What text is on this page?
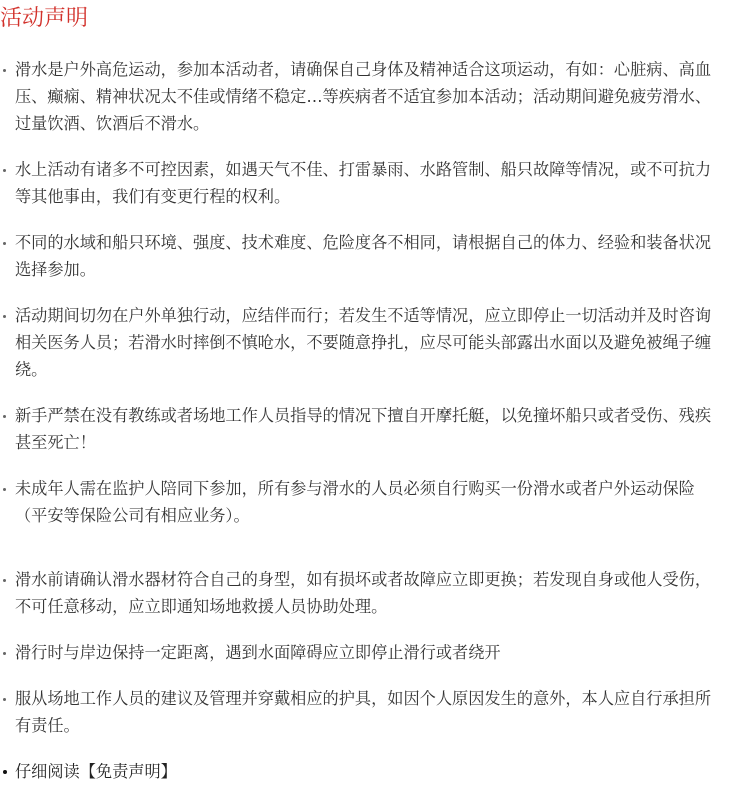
活动声明
滑水是户外高危运动，参加本活动者，请确保自己身体及精神适合这项运动，有如：心脏病、高血压、癫痫、精神状况太不佳或情绪不稳定…等疾病者不适宜参加本活动；活动期间避免疲劳滑水、过量饮酒、饮酒后不滑水。
水上活动有诸多不可控因素，如遇天气不佳、打雷暴雨、水路管制、船只故障等情况，或不可抗力等其他事由，我们有变更行程的权利。
不同的水域和船只环境、强度、技术难度、危险度各不相同，请根据自己的体力、经验和装备状况选择参加。
活动期间切勿在户外单独行动，应结伴而行；若发生不适等情况，应立即停止一切活动并及时咨询相关医务人员；若滑水时摔倒不慎呛水，不要随意挣扎，应尽可能头部露出水面以及避免被绳子缠绕。
新手严禁在没有教练或者场地工作人员指导的情况下擅自开摩托艇，以免撞坏船只或者受伤、残疾甚至死亡！
未成年人需在监护人陪同下参加，所有参与滑水的人员必须自行购买一份滑水或者户外运动保险（平安等保险公司有相应业务）。
滑水前请确认滑水器材符合自己的身型，如有损坏或者故障应立即更换；若发现自身或他人受伤，不可任意移动，应立即通知场地救援人员协助处理。
滑行时与岸边保持一定距离，遇到水面障碍应立即停止滑行或者绕开
服从场地工作人员的建议及管理并穿戴相应的护具，如因个人原因发生的意外，本人应自行承担所有责任。
仔细阅读【免责声明】
